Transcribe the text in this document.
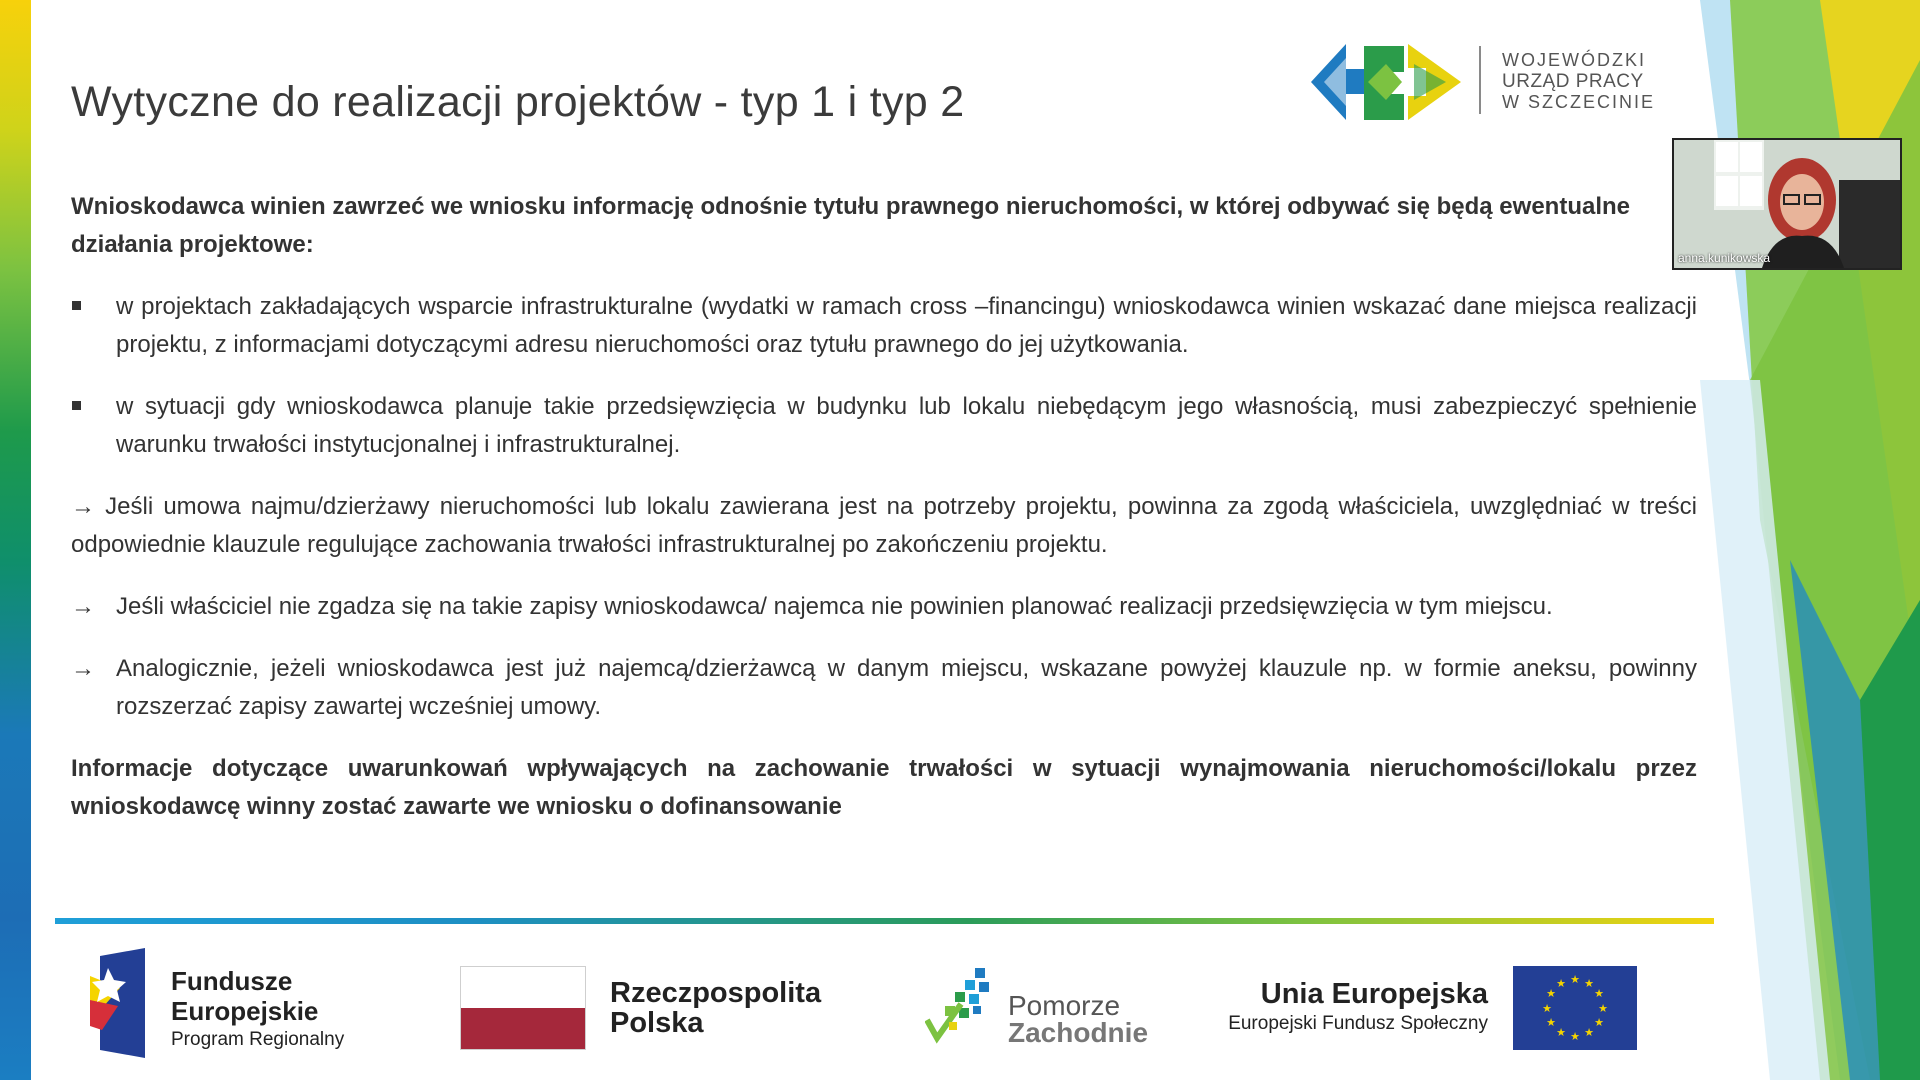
Wytyczne do realizacji projektów - typ 1 i typ 2
WOJEWÓDZKI
URZĄD PRACY
W SZCZECINIE
anna.kunikowska

Wnioskodawca winien zawrzeć we wniosku informację odnośnie tytułu prawnego nieruchomości, w której odbywać się będą ewentualne
działania projektowe:

w projektach zakładających wsparcie infrastrukturalne (wydatki w ramach cross –financingu) wnioskodawca winien wskazać dane miejsca realizacji projektu, z informacjami dotyczącymi adresu nieruchomości oraz tytułu prawnego do jej użytkowania.
w sytuacji gdy wnioskodawca planuje takie przedsięwzięcia w budynku lub lokalu niebędącym jego własnością, musi zabezpieczyć spełnienie warunku trwałości instytucjonalnej i infrastrukturalnej.

→ Jeśli umowa najmu/dzierżawy nieruchomości lub lokalu zawierana jest na potrzeby projektu, powinna za zgodą właściciela, uwzględniać w treści odpowiednie klauzule regulujące zachowania trwałości infrastrukturalnej po zakończeniu projektu.

→ Jeśli właściciel nie zgadza się na takie zapisy wnioskodawca/ najemca nie powinien planować realizacji przedsięwzięcia w tym miejscu.
→ Analogicznie, jeżeli wnioskodawca jest już najemcą/dzierżawcą w danym miejscu, wskazane powyżej klauzule np. w formie aneksu, powinny rozszerzać zapisy zawartej wcześniej umowy.

Informacje dotyczące uwarunkowań wpływających na zachowanie trwałości w sytuacji wynajmowania nieruchomości/lokalu przez wnioskodawcę winny zostać zawarte we wniosku o dofinansowanie

Fundusze
Europejskie
Program Regionalny
Rzeczpospolita
Polska
Pomorze
Zachodnie
Unia Europejska
Europejski Fundusz Społeczny
★ ★
★
★
★
★
★
★
★
★
★
★
